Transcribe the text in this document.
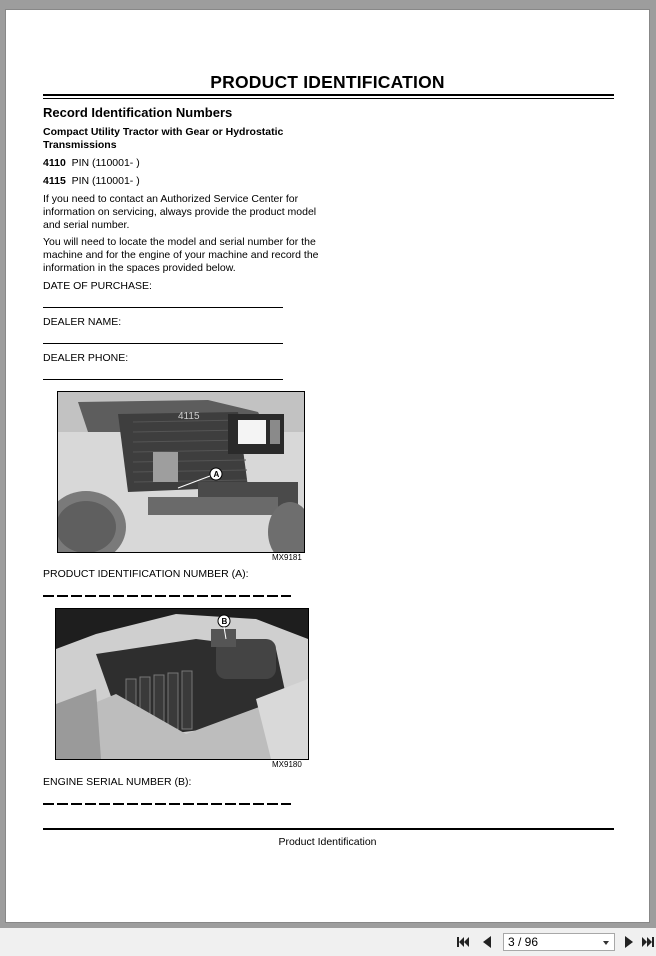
PRODUCT IDENTIFICATION
Record Identification Numbers
Compact Utility Tractor with Gear or Hydrostatic Transmissions
4110 PIN (110001- )
4115 PIN (110001- )
If you need to contact an Authorized Service Center for information on servicing, always provide the product model and serial number.
You will need to locate the model and serial number for the machine and for the engine of your machine and record the information in the spaces provided below.
DATE OF PURCHASE:
DEALER NAME:
DEALER PHONE:
4115
A
MX9181
PRODUCT IDENTIFICATION NUMBER (A):
B
MX9180
ENGINE SERIAL NUMBER (B):
Product Identification
3 / 96
